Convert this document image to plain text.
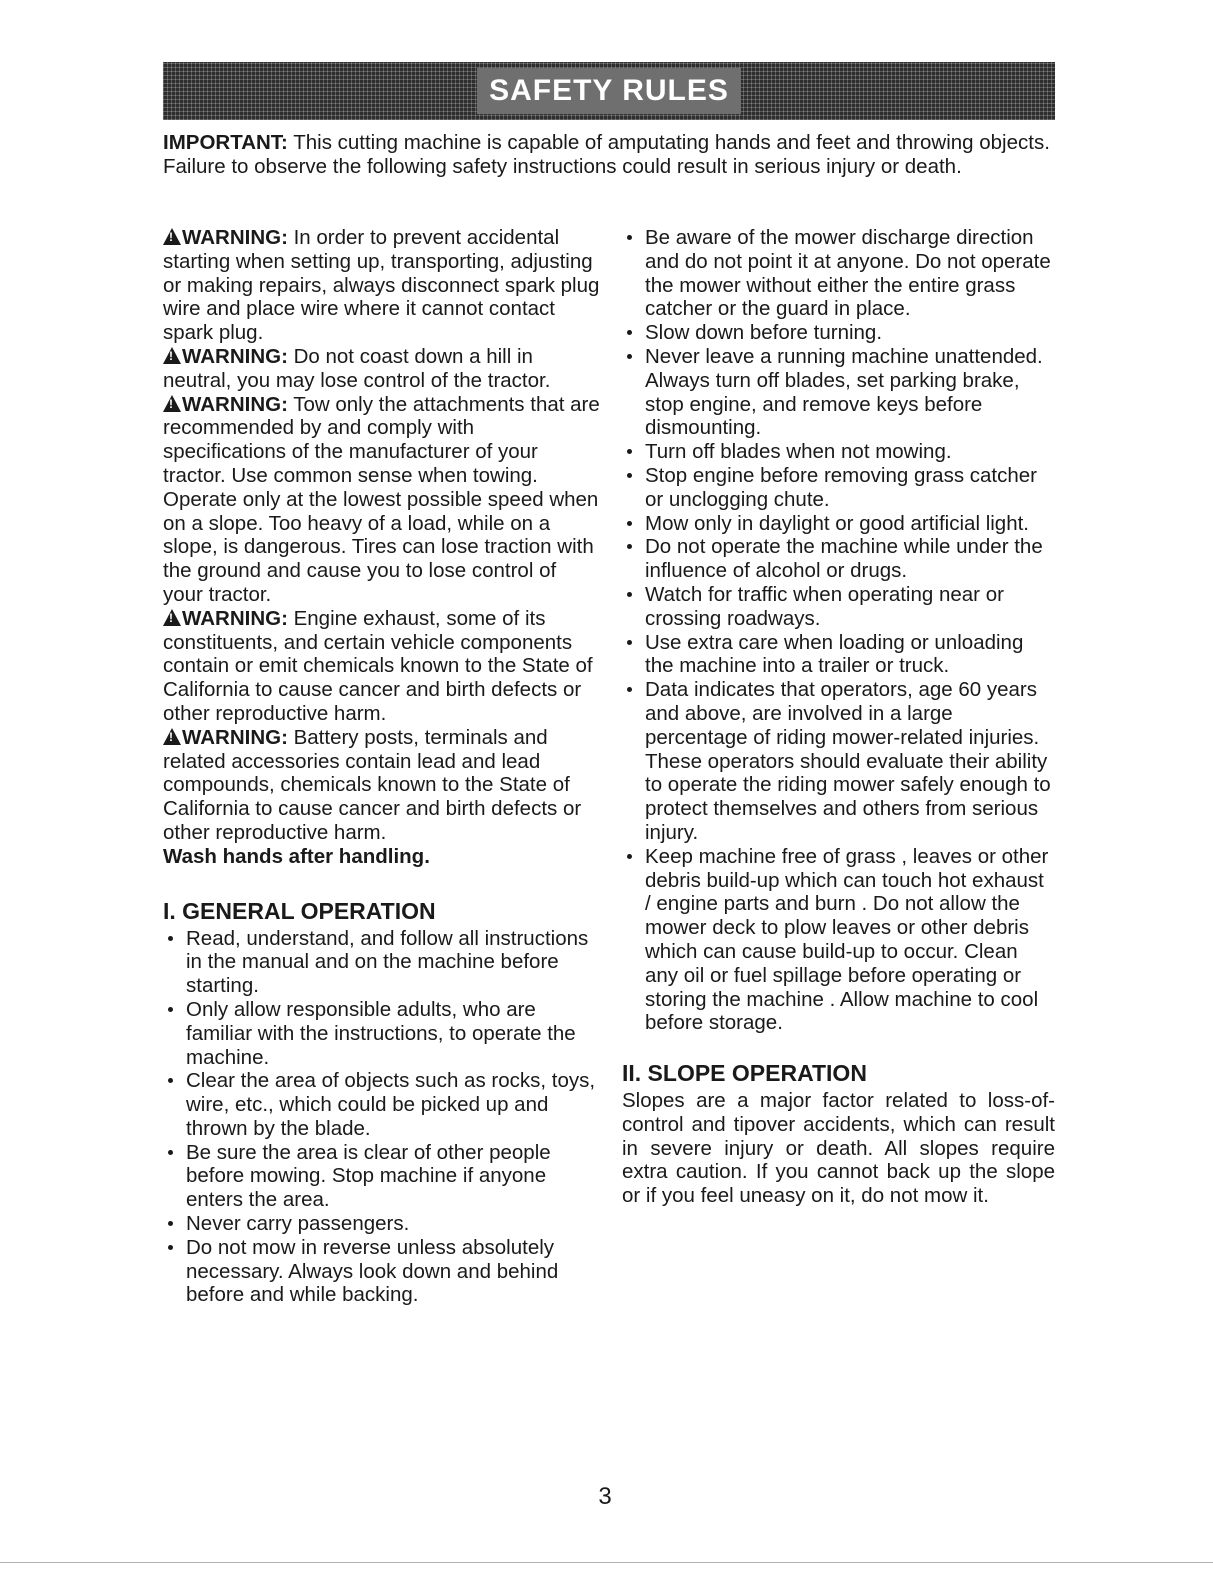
SAFETY RULES

IMPORTANT: This cutting machine is capable of amputating hands and feet and throwing objects. Failure to observe the following safety instructions could result in serious injury or death.

!WARNING: In order to prevent accidental starting when setting up, transporting, adjusting or making repairs, always disconnect spark plug wire and place wire where it cannot contact spark plug.

!WARNING: Do not coast down a hill in neutral, you may lose control of the tractor.

!WARNING: Tow only the attachments that are recommended by and comply with specifications of the manufacturer of your tractor. Use common sense when towing. Operate only at the lowest possible speed when on a slope. Too heavy of a load, while on a slope, is dangerous. Tires can lose traction with the ground and cause you to lose control of your tractor.

!WARNING: Engine exhaust, some of its constituents, and certain vehicle components contain or emit chemicals known to the State of California to cause cancer and birth defects or other reproductive harm.

!WARNING: Battery posts, terminals and related accessories contain lead and lead compounds, chemicals known to the State of California to cause cancer and birth defects or other reproductive harm.

Wash hands after handling.

I. GENERAL OPERATION
Read, understand, and follow all instructions in the manual and on the machine before starting.
Only allow responsible adults, who are familiar with the instructions, to operate the machine.
Clear the area of objects such as rocks, toys, wire, etc., which could be picked up and thrown by the blade.
Be sure the area is clear of other people before mowing. Stop machine if anyone enters the area.
Never carry passengers.
Do not mow in reverse unless absolutely necessary. Always look down and behind before and while backing.
Be aware of the mower discharge direction and do not point it at anyone. Do not operate the mower without either the entire grass catcher or the guard in place.
Slow down before turning.
Never leave a running machine unattended. Always turn off blades, set parking brake, stop engine, and remove keys before dismounting.
Turn off blades when not mowing.
Stop engine before removing grass catcher or unclogging chute.
Mow only in daylight or good artificial light.
Do not operate the machine while under the influence of alcohol or drugs.
Watch for traffic when operating near or crossing roadways.
Use extra care when loading or unloading the machine into a trailer or truck.
Data indicates that operators, age 60 years and above, are involved in a large percentage of riding mower-related injuries. These operators should evaluate their ability to operate the riding mower safely enough to protect themselves and others from serious injury.
Keep machine free of grass , leaves or other debris build-up which can touch hot exhaust / engine parts and burn . Do not allow the mower deck to plow leaves or other debris which can cause build-up to occur. Clean any oil or fuel spillage before operating or storing the machine . Allow machine to cool before storage.
II. SLOPE OPERATION

Slopes are a major factor related to loss-of-control and tipover accidents, which can result in severe injury or death. All slopes require extra caution. If you cannot back up the slope or if you feel uneasy on it, do not mow it.

3
